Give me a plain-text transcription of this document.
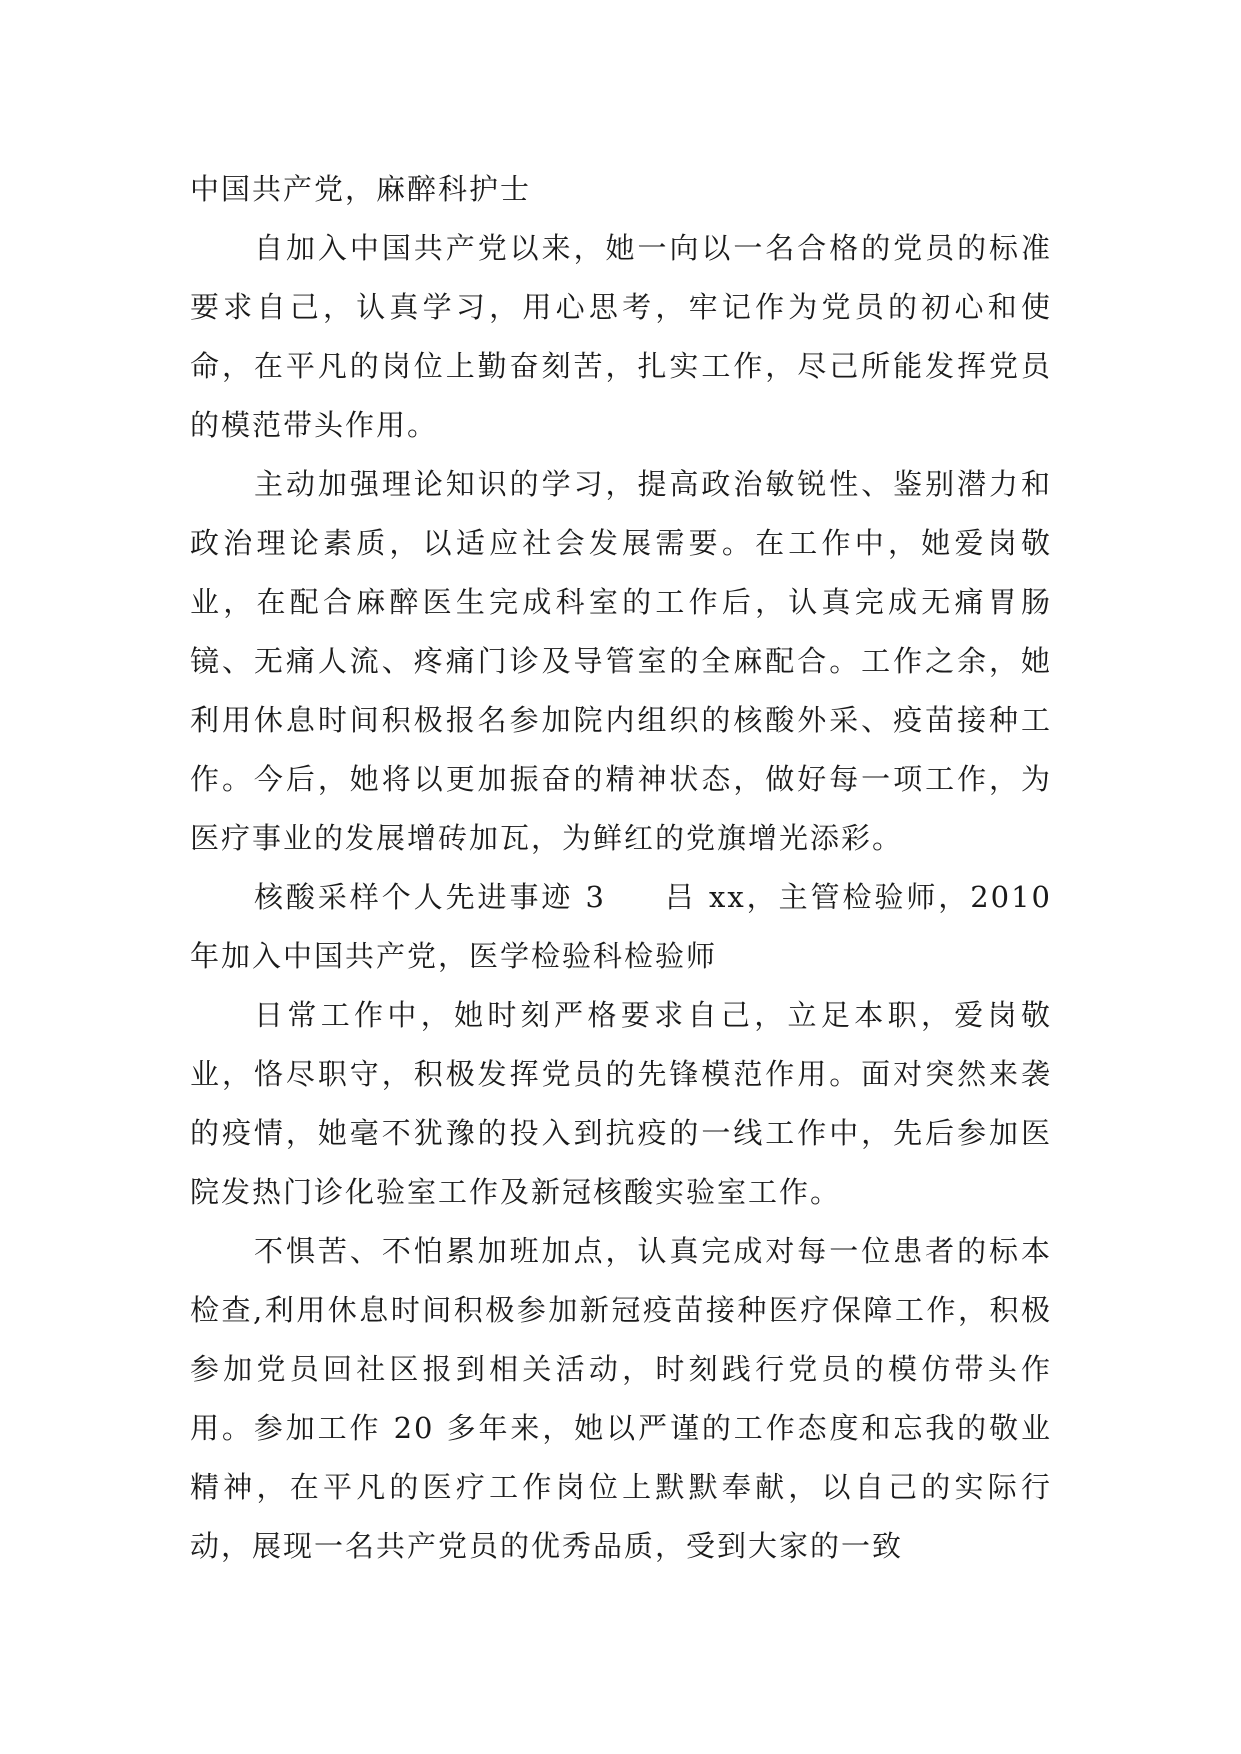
中国共产党，麻醉科护士

自加入中国共产党以来，她一向以一名合格的党员的标准要求自己，认真学习，用心思考，牢记作为党员的初心和使命，在平凡的岗位上勤奋刻苦，扎实工作，尽己所能发挥党员的模范带头作用。

主动加强理论知识的学习，提高政治敏锐性、鉴别潜力和政治理论素质，以适应社会发展需要。在工作中，她爱岗敬业，在配合麻醉医生完成科室的工作后，认真完成无痛胃肠镜、无痛人流、疼痛门诊及导管室的全麻配合。工作之余，她利用休息时间积极报名参加院内组织的核酸外采、疫苗接种工作。今后，她将以更加振奋的精神状态，做好每一项工作，为医疗事业的发展增砖加瓦，为鲜红的党旗增光添彩。

核酸采样个人先进事迹 3 吕 xx，主管检验师，2010 年加入中国共产党，医学检验科检验师

日常工作中，她时刻严格要求自己，立足本职，爱岗敬业，恪尽职守，积极发挥党员的先锋模范作用。面对突然来袭的疫情，她毫不犹豫的投入到抗疫的一线工作中，先后参加医院发热门诊化验室工作及新冠核酸实验室工作。

不惧苦、不怕累加班加点，认真完成对每一位患者的标本检查,利用休息时间积极参加新冠疫苗接种医疗保障工作，积极参加党员回社区报到相关活动，时刻践行党员的模仿带头作用。参加工作 20 多年来，她以严谨的工作态度和忘我的敬业精神，在平凡的医疗工作岗位上默默奉献，以自己的实际行动，展现一名共产党员的优秀品质，受到大家的一致
